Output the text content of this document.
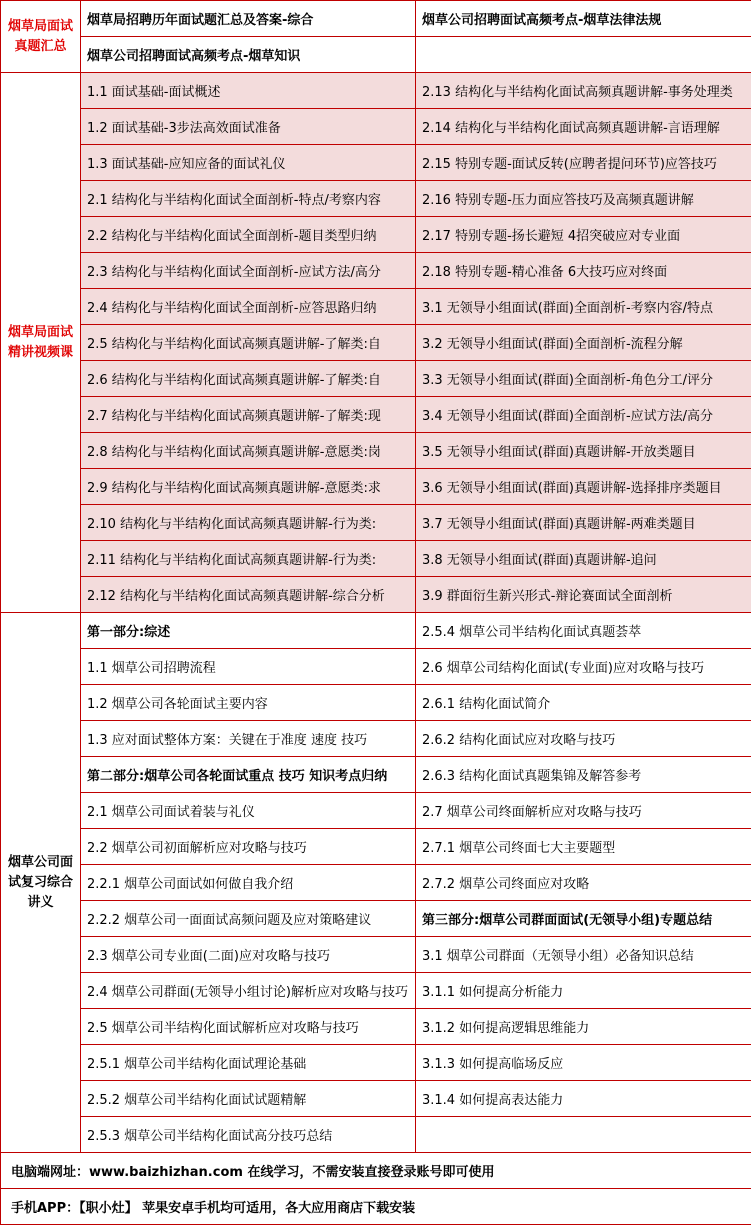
烟草局面试真题汇总	烟草局招聘历年面试题汇总及答案-综合	烟草公司招聘面试高频考点-烟草法律法规
	烟草公司招聘面试高频考点-烟草知识	
烟草局面试精讲视频课	1.1 面试基础-面试概述	2.13 结构化与半结构化面试高频真题讲解-事务处理类
	1.2 面试基础-3步法高效面试准备	2.14 结构化与半结构化面试高频真题讲解-言语理解
	1.3 面试基础-应知应备的面试礼仪	2.15 特别专题-面试反转(应聘者提问环节)应答技巧
	2.1 结构化与半结构化面试全面剖析-特点/考察内容	2.16 特别专题-压力面应答技巧及高频真题讲解
	2.2 结构化与半结构化面试全面剖析-题目类型归纳	2.17 特别专题-扬长避短 4招突破应对专业面
	2.3 结构化与半结构化面试全面剖析-应试方法/高分	2.18 特别专题-精心准备 6大技巧应对终面
	2.4 结构化与半结构化面试全面剖析-应答思路归纳	3.1 无领导小组面试(群面)全面剖析-考察内容/特点
	2.5 结构化与半结构化面试高频真题讲解-了解类:自	3.2 无领导小组面试(群面)全面剖析-流程分解
	2.6 结构化与半结构化面试高频真题讲解-了解类:自	3.3 无领导小组面试(群面)全面剖析-角色分工/评分
	2.7 结构化与半结构化面试高频真题讲解-了解类:现	3.4 无领导小组面试(群面)全面剖析-应试方法/高分
	2.8 结构化与半结构化面试高频真题讲解-意愿类:岗	3.5 无领导小组面试(群面)真题讲解-开放类题目
	2.9 结构化与半结构化面试高频真题讲解-意愿类:求	3.6 无领导小组面试(群面)真题讲解-选择排序类题目
	2.10 结构化与半结构化面试高频真题讲解-行为类:	3.7 无领导小组面试(群面)真题讲解-两难类题目
	2.11 结构化与半结构化面试高频真题讲解-行为类:	3.8 无领导小组面试(群面)真题讲解-追问
	2.12 结构化与半结构化面试高频真题讲解-综合分析	3.9 群面衍生新兴形式-辩论赛面试全面剖析
烟草公司面试复习综合讲义	第一部分:综述	2.5.4 烟草公司半结构化面试真题荟萃
	1.1 烟草公司招聘流程	2.6 烟草公司结构化面试(专业面)应对攻略与技巧
	1.2 烟草公司各轮面试主要内容	2.6.1 结构化面试简介
	1.3 应对面试整体方案：关键在于准度 速度 技巧	2.6.2 结构化面试应对攻略与技巧
	第二部分:烟草公司各轮面试重点 技巧 知识考点归纳	2.6.3 结构化面试真题集锦及解答参考
	2.1 烟草公司面试着装与礼仪	2.7 烟草公司终面解析应对攻略与技巧
	2.2 烟草公司初面解析应对攻略与技巧	2.7.1 烟草公司终面七大主要题型
	2.2.1 烟草公司面试如何做自我介绍	2.7.2 烟草公司终面应对攻略
	2.2.2 烟草公司一面面试高频问题及应对策略建议	第三部分:烟草公司群面面试(无领导小组)专题总结
	2.3 烟草公司专业面(二面)应对攻略与技巧	3.1 烟草公司群面（无领导小组）必备知识总结
	2.4 烟草公司群面(无领导小组讨论)解析应对攻略与技巧	3.1.1 如何提高分析能力
	2.5 烟草公司半结构化面试解析应对攻略与技巧	3.1.2 如何提高逻辑思维能力
	2.5.1 烟草公司半结构化面试理论基础	3.1.3 如何提高临场反应
	2.5.2 烟草公司半结构化面试试题精解	3.1.4 如何提高表达能力
	2.5.3 烟草公司半结构化面试高分技巧总结	
电脑端网址：www.baizhizhan.com 在线学习，不需安装直接登录账号即可使用		
手机APP：【职小灶】 苹果安卓手机均可适用，各大应用商店下载安装		
